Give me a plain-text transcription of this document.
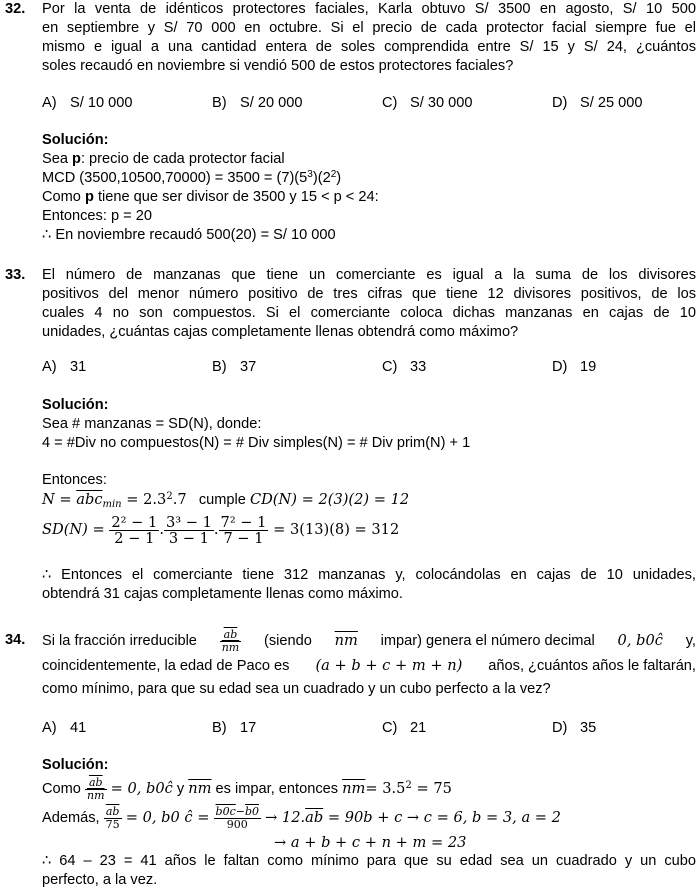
32. Por la venta de idénticos protectores faciales, Karla obtuvo S/ 3500 en agosto, S/ 10 500
en septiembre y S/ 70 000 en octubre. Si el precio de cada protector facial siempre fue el
mismo e igual a una cantidad entera de soles comprendida entre S/ 15 y S/ 24, ¿cuántos
soles recaudó en noviembre si vendió 500 de estos protectores faciales?
A) S/ 10 000	B) S/ 20 000	C) S/ 30 000	D) S/ 25 000
Solución:
Sea p: precio de cada protector facial
MCD $(3500,10500,70000) = 3500 = (7)(5^3)(2^2)$
Como p tiene que ser divisor de 3500 y 15 < p < 24:
Entonces: p = 20
∴ En noviembre recaudó 500(20) = S/ 10 000
33. El número de manzanas que tiene un comerciante es igual a la suma de los divisores
positivos del menor número positivo de tres cifras que tiene 12 divisores positivos, de los
cuales 4 no son compuestos. Si el comerciante coloca dichas manzanas en cajas de 10
unidades, ¿cuántas cajas completamente llenas obtendrá como máximo?
A) 31	B) 37	C) 33	D) 19
Solución:
Sea # manzanas = SD(N), donde:
4 = #Div no compuestos(N) = # Div simples(N) = # Div prim(N) + 1
Entonces:
$N = \overline{abc}_{min} = 2.3^2.7$ cumple CD(N) = 2(3)(2) = 12
$SD(N) = \frac{\text{2² − 1}}{2 - 1}$ . $\frac{\text{3³ − 1}}{3 - 1}$ . $\frac{\text{7² − 1}}{7 - 1} = 3(13)(8) = 312$
∴ Entonces el comerciante tiene 312 manzanas y, colocándolas en cajas de 10 unidades,
obtendrá 31 cajas completamente llenas como máximo.
34. Si la fracción irreducible $\frac{\overline{ab}}{nm}$ (siendo $\overline{nm}$ impar) genera el número decimal 0, b0ĉ y,
coincidentemente, la edad de Paco es (a + b + c + m + n) años, ¿cuántos años le faltarán,
como mínimo, para que su edad sea un cuadrado y un cubo perfecto a la vez?
A) 41	B) 17	C) 21	D) 35
Solución:
Como $\frac{\overline{ab}}{nm} = 0$, b0ĉ y $\overline{nm}$ es impar, entonces $\overline{nm}= 3.5^2 = 75$
Además, $\frac{\overline{ab}}{75} = 0$, b0 ĉ = $\frac{b0c-b0}{900} \to 12.\overline{ab} = 90b + c \to c = 6$, b = 3, a = 2
→ a + b + c + n + m = 23
∴ 64 – 23 = 41 años le faltan como mínimo para que su edad sea un cuadrado y un cubo
perfecto, a la vez.
